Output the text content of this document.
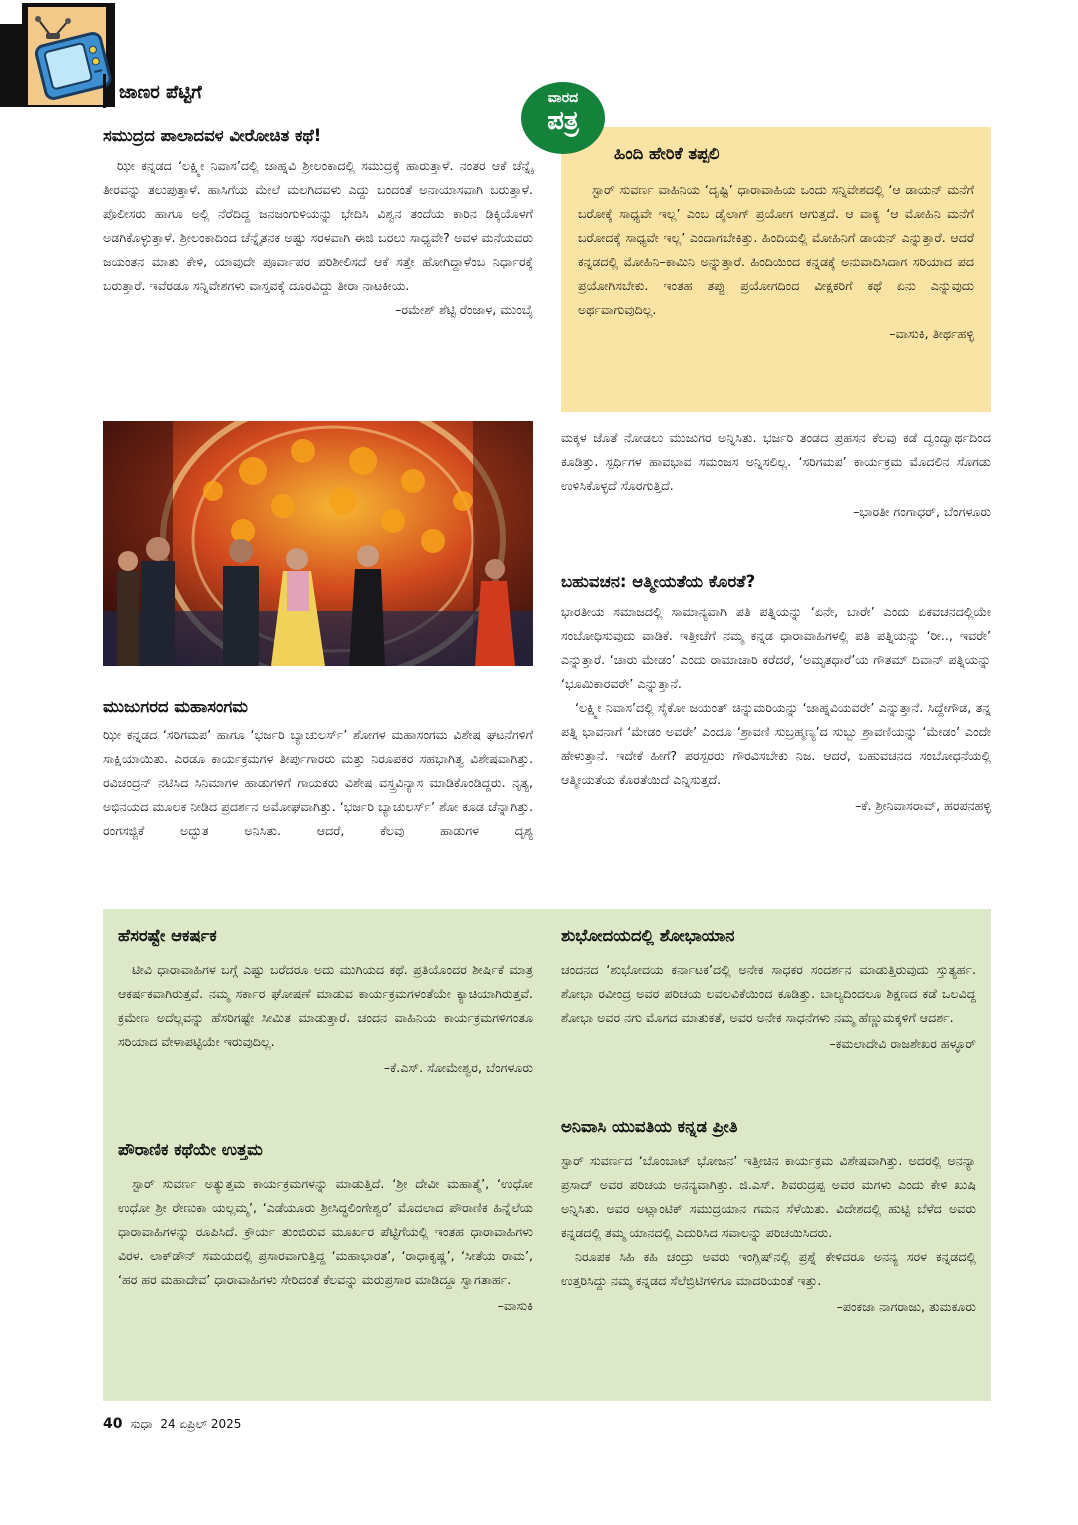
ಜಾಣರ ಪೆಟ್ಟಿಗೆ
ಸಮುದ್ರದ ಪಾಲಾದವಳ ವೀರೋಚಿತ ಕಥೆ!

ಝೀ ಕನ್ನಡದ ‘ಲಕ್ಷ್ಮೀ ನಿವಾಸ’ದಲ್ಲಿ ಜಾಹ್ನವಿ ಶ್ರೀಲಂಕಾದಲ್ಲಿ ಸಮುದ್ರಕ್ಕೆ ಹಾರುತ್ತಾಳೆ. ನಂತರ ಆಕೆ ಚೆನ್ನೈ ತೀರವನ್ನು ತಲುಪುತ್ತಾಳೆ. ಹಾಸಿಗೆಯ ಮೇಲೆ ಮಲಗಿದವಳು ಎದ್ದು ಬಂದಂತೆ ಅನಾಯಾಸವಾಗಿ ಬರುತ್ತಾಳೆ. ಪೊಲೀಸರು ಹಾಗೂ ಅಲ್ಲಿ ನೆರೆದಿದ್ದ ಜನಜಂಗುಳಿಯನ್ನು ಭೇದಿಸಿ ವಿಶ್ವನ ತಂದೆಯ ಕಾರಿನ ಡಿಕ್ಕಿಯೊಳಗೆ ಅಡಗಿಕೊಳ್ಳುತ್ತಾಳೆ. ಶ್ರೀಲಂಕಾದಿಂದ ಚೆನ್ನೈತನಕ ಅಷ್ಟು ಸರಳವಾಗಿ ಈಜಿ ಬರಲು ಸಾಧ್ಯವೇ? ಅವಳ ಮನೆಯವರು ಜಯಂತನ ಮಾತು ಕೇಳಿ, ಯಾವುದೇ ಪೂರ್ವಾಪರ ಪರಿಶೀಲಿಸದೆ ಆಕೆ ಸತ್ತೇ ಹೋಗಿದ್ದಾಳೆಂಬ ನಿರ್ಧಾರಕ್ಕೆ ಬರುತ್ತಾರೆ. ಇವೆರಡೂ ಸನ್ನಿವೇಶಗಳು ವಾಸ್ತವಕ್ಕೆ ದೂರವಿದ್ದು ತೀರಾ ನಾಟಕೀಯ.

–ರಮೇಶ್ ಶೆಟ್ಟಿ ರೆಂಜಾಳ, ಮುಂಬೈ

ಹಿಂದಿ ಹೇರಿಕೆ ತಪ್ಪಲಿ

ಸ್ಟಾರ್ ಸುವರ್ಣ ವಾಹಿನಿಯ ‘ದೃಷ್ಟಿ’ ಧಾರಾವಾಹಿಯ ಒಂದು ಸನ್ನಿವೇಶದಲ್ಲಿ ‘ಆ ಡಾಯನ್ ಮನೆಗೆ ಬರೋಕ್ಕೆ ಸಾಧ್ಯವೇ ಇಲ್ಲ’ ಎಂಬ ಡೈಲಾಗ್ ಪ್ರಯೋಗ ಆಗುತ್ತದೆ. ಆ ವಾಕ್ಯ ‘ಆ ಮೋಹಿನಿ ಮನೆಗೆ ಬರೋದಕ್ಕೆ ಸಾಧ್ಯವೇ ಇಲ್ಲ’ ಎಂದಾಗಬೇಕಿತ್ತು. ಹಿಂದಿಯಲ್ಲಿ ಮೋಹಿನಿಗೆ ಡಾಯನ್ ಎನ್ನುತ್ತಾರೆ. ಆದರೆ ಕನ್ನಡದಲ್ಲಿ ಮೋಹಿನಿ–ಕಾಮಿನಿ ಅನ್ನುತ್ತಾರೆ. ಹಿಂದಿಯಿಂದ ಕನ್ನಡಕ್ಕೆ ಅನುವಾದಿಸಿದಾಗ ಸರಿಯಾದ ಪದ ಪ್ರಯೋಗಿಸಬೇಕು. ಇಂತಹ ತಪ್ಪು ಪ್ರಯೋಗದಿಂದ ವೀಕ್ಷಕರಿಗೆ ಕಥೆ ಏನು ಎನ್ನುವುದು ಅರ್ಥವಾಗುವುದಿಲ್ಲ.

–ವಾಸುಕಿ, ತೀರ್ಥಹಳ್ಳಿ

ವಾರದ
ಪತ್ರ
ಮುಜುಗರದ ಮಹಾಸಂಗಮ

ಝೀ ಕನ್ನಡದ ‘ಸರಿಗಮಪ’ ಹಾಗೂ ‘ಭರ್ಜರಿ ಬ್ಯಾಚುಲರ್ಸ್’ ಶೋಗಳ ಮಹಾಸಂಗಮ ವಿಶೇಷ ಘಟನೆಗಳಿಗೆ ಸಾಕ್ಷಿಯಾಯಿತು. ಎರಡೂ ಕಾರ್ಯಕ್ರಮಗಳ ತೀರ್ಪುಗಾರರು ಮತ್ತು ನಿರೂಪಕರ ಸಹಭಾಗಿತ್ವ ವಿಶೇಷವಾಗಿತ್ತು. ರವಿಚಂದ್ರನ್ ನಟಿಸಿದ ಸಿನಿಮಾಗಳ ಹಾಡುಗಳಿಗೆ ಗಾಯಕರು ವಿಶೇಷ ವಸ್ತ್ರವಿನ್ಯಾಸ ಮಾಡಿಕೊಂಡಿದ್ದರು. ನೃತ್ಯ, ಅಭಿನಯದ ಮೂಲಕ ನೀಡಿದ ಪ್ರದರ್ಶನ ಅಮೋಘವಾಗಿತ್ತು. ‘ಭರ್ಜರಿ ಬ್ಯಾಚುಲರ್ಸ್’ ಶೋ ಕೂಡ ಚೆನ್ನಾಗಿತ್ತು. ರಂಗಸಜ್ಜಿಕೆ ಅದ್ಭುತ ಅನಿಸಿತು. ಆದರೆ, ಕೆಲವು ಹಾಡುಗಳ ದೃಶ್ಯ

ಮಕ್ಕಳ ಜೊತೆ ನೋಡಲು ಮುಜುಗರ ಅನ್ನಿಸಿತು. ಭರ್ಜರಿ ತಂಡದ ಪ್ರಹಸನ ಕೆಲವು ಕಡೆ ದ್ವಂದ್ವಾರ್ಥದಿಂದ ಕೂಡಿತ್ತು. ಸ್ಪರ್ಧಿಗಳ ಹಾವಭಾವ ಸಮಂಜಸ ಅನ್ನಿಸಲಿಲ್ಲ. ‘ಸರಿಗಮಪ’ ಕಾರ್ಯಕ್ರಮ ಮೊದಲಿನ ಸೊಗಡು ಉಳಿಸಿಕೊಳ್ಳದೆ ಸೊರಗುತ್ತಿದೆ.

–ಭಾರತೀ ಗಂಗಾಧರ್, ಬೆಂಗಳೂರು

ಬಹುವಚನ: ಆತ್ಮೀಯತೆಯ ಕೊರತೆ?

ಭಾರತೀಯ ಸಮಾಜದಲ್ಲಿ ಸಾಮಾನ್ಯವಾಗಿ ಪತಿ ಪತ್ನಿಯನ್ನು ‘ಏನೇ, ಬಾರೇ’ ಎಂದು ಏಕವಚನದಲ್ಲಿಯೇ ಸಂಬೋಧಿಸುವುದು ವಾಡಿಕೆ. ಇತ್ತೀಚೆಗೆ ನಮ್ಮ ಕನ್ನಡ ಧಾರಾವಾಹಿಗಳಲ್ಲಿ ಪತಿ ಪತ್ನಿಯನ್ನು ‘ರೀ.., ಇವರೇ’ ಎನ್ನುತ್ತಾರೆ. ‘ಚಾರು ಮೇಡಂ’ ಎಂದು ರಾಮಾಚಾರಿ ಕರೆದರೆ, ‘ಅಮೃತಧಾರೆ’ಯ ಗೌತಮ್ ದಿವಾನ್ ಪತ್ನಿಯನ್ನು ‘ಭೂಮಿಕಾರವರೇ’ ಎನ್ನುತ್ತಾನೆ.

‘ಲಕ್ಷ್ಮೀ ನಿವಾಸ’ದಲ್ಲಿ ಸೈಕೋ ಜಯಂತ್ ಚಿನ್ನುಮರಿಯನ್ನು ‘ಜಾಹ್ನವಿಯವರೇ’ ಎನ್ನುತ್ತಾನೆ. ಸಿದ್ದೇಗೌಡ, ತನ್ನ ಪತ್ನಿ ಭಾವನಾಗೆ ‘ಮೇಡಂ ಅವರೇ’ ಎಂದೂ ‘ಶ್ರಾವಣಿ ಸುಬ್ರಹ್ಮಣ್ಯ’ದ ಸುಬ್ಬು ಶ್ರಾವಣಿಯನ್ನು ‘ಮೇಡಂ’ ಎಂದೇ ಹೇಳುತ್ತಾನೆ. ಇದೇಕೆ ಹೀಗೆ? ಪರಸ್ಪರರು ಗೌರವಿಸಬೇಕು ನಿಜ. ಆದರೆ, ಬಹುವಚನದ ಸಂಬೋಧನೆಯಲ್ಲಿ ಆತ್ಮೀಯತೆಯ ಕೊರತೆಯಿದೆ ಎನ್ನಿಸುತ್ತದೆ.

–ಕೆ. ಶ್ರೀನಿವಾಸರಾವ್, ಹರಪನಹಳ್ಳಿ

ಹೆಸರಷ್ಟೇ ಆಕರ್ಷಕ

ಟೀವಿ ಧಾರಾವಾಹಿಗಳ ಬಗ್ಗೆ ಎಷ್ಟು ಬರೆದರೂ ಅದು ಮುಗಿಯದ ಕಥೆ. ಪ್ರತಿಯೊಂದರ ಶೀರ್ಷಿಕೆ ಮಾತ್ರ ಆಕರ್ಷಕವಾಗಿರುತ್ತವೆ. ನಮ್ಮ ಸರ್ಕಾರ ಘೋಷಣೆ ಮಾಡುವ ಕಾರ್ಯಕ್ರಮಗಳಂತೆಯೇ ಕ್ಯಾಚಿಯಾಗಿರುತ್ತವೆ. ಕ್ರಮೇಣ ಅದೆಲ್ಲವನ್ನು ಹೆಸರಿಗಷ್ಟೇ ಸೀಮಿತ ಮಾಡುತ್ತಾರೆ. ಚಂದನ ವಾಹಿನಿಯ ಕಾರ್ಯಕ್ರಮಗಳಿಗಂತೂ ಸರಿಯಾದ ವೇಳಾಪಟ್ಟಿಯೇ ಇರುವುದಿಲ್ಲ.

–ಕೆ.ಎಸ್. ಸೋಮೇಶ್ವರ, ಬೆಂಗಳೂರು

ಪೌರಾಣಿಕ ಕಥೆಯೇ ಉತ್ತಮ

ಸ್ಟಾರ್ ಸುವರ್ಣ ಅತ್ಯುತ್ತಮ ಕಾರ್ಯಕ್ರಮಗಳನ್ನು ಮಾಡುತ್ತಿದೆ. ‘ಶ್ರೀ ದೇವೀ ಮಹಾತ್ಮೆ’, ‘ಉಧೋ ಉಧೋ ಶ್ರೀ ರೇಣುಕಾ ಯಲ್ಲಮ್ಮ’, ‘ಎಡೆಯೂರು ಶ್ರೀಸಿದ್ಧಲಿಂಗೇಶ್ವರ’ ಮೊದಲಾದ ಪೌರಾಣಿಕ ಹಿನ್ನೆಲೆಯ ಧಾರಾವಾಹಿಗಳನ್ನು ರೂಪಿಸಿದೆ. ಕ್ರೌರ್ಯ ತುಂಬಿರುವ ಮೂರ್ಖರ ಪೆಟ್ಟಿಗೆಯಲ್ಲಿ ಇಂತಹ ಧಾರಾವಾಹಿಗಳು ವಿರಳ. ಲಾಕ್‌ಡೌನ್ ಸಮಯದಲ್ಲಿ ಪ್ರಸಾರವಾಗುತ್ತಿದ್ದ ‘ಮಹಾಭಾರತ’, ‘ರಾಧಾಕೃಷ್ಣ’, ‘ಸೀತೆಯ ರಾಮ’, ‘ಹರ ಹರ ಮಹಾದೇವ’ ಧಾರಾವಾಹಿಗಳು ಸೇರಿದಂತೆ ಕೆಲವನ್ನು ಮರುಪ್ರಸಾರ ಮಾಡಿದ್ದೂ ಸ್ವಾಗತಾರ್ಹ.

–ವಾಸುಕಿ

ಶುಭೋದಯದಲ್ಲಿ ಶೋಭಾಯಾನ

ಚಂದನದ ‘ಶುಭೋದಯ ಕರ್ನಾಟಕ’ದಲ್ಲಿ ಅನೇಕ ಸಾಧಕರ ಸಂದರ್ಶನ ಮಾಡುತ್ತಿರುವುದು ಸ್ತುತ್ಯರ್ಹ. ಶೋಭಾ ರವೀಂದ್ರ ಅವರ ಪರಿಚಯ ಲವಲವಿಕೆಯಿಂದ ಕೂಡಿತ್ತು. ಬಾಲ್ಯದಿಂದಲೂ ಶಿಕ್ಷಣದ ಕಡೆ ಒಲವಿದ್ದ ಶೋಭಾ ಅವರ ನಗು ಮೊಗದ ಮಾತುಕತೆ, ಅವರ ಅನೇಕ ಸಾಧನೆಗಳು ನಮ್ಮ ಹೆಣ್ಣುಮಕ್ಕಳಿಗೆ ಆದರ್ಶ.

–ಕಮಲಾದೇವಿ ರಾಜಶೇಖರ ಹಳ್ಳೂರ್

ಅನಿವಾಸಿ ಯುವತಿಯ ಕನ್ನಡ ಪ್ರೀತಿ

ಸ್ಟಾರ್ ಸುವರ್ಣದ ‘ಬೊಂಬಾಟ್ ಭೋಜನ’ ಇತ್ತೀಚಿನ ಕಾರ್ಯಕ್ರಮ ವಿಶೇಷವಾಗಿತ್ತು. ಅದರಲ್ಲಿ ಅನನ್ಯಾ ಪ್ರಸಾದ್ ಅವರ ಪರಿಚಯ ಅನನ್ಯವಾಗಿತ್ತು. ಜಿ.ಎಸ್. ಶಿವರುದ್ರಪ್ಪ ಅವರ ಮಗಳು ಎಂದು ಕೇಳಿ ಖುಷಿ ಅನ್ನಿಸಿತು. ಅವರ ಅಟ್ಲಾಂಟಿಕ್ ಸಮುದ್ರಯಾನ ಗಮನ ಸೆಳೆಯಿತು. ವಿದೇಶದಲ್ಲಿ ಹುಟ್ಟಿ ಬೆಳೆದ ಅವರು ಕನ್ನಡದಲ್ಲಿ ತಮ್ಮ ಯಾನದಲ್ಲಿ ಎದುರಿಸಿದ ಸವಾಲನ್ನು ಪರಿಚಯಿಸಿದರು.

ನಿರೂಪಕ ಸಿಹಿ ಕಹಿ ಚಂದ್ರು ಅವರು ಇಂಗ್ಲಿಷ್‌ನಲ್ಲಿ ಪ್ರಶ್ನೆ ಕೇಳಿದರೂ ಅನನ್ಯ ಸರಳ ಕನ್ನಡದಲ್ಲಿ ಉತ್ತರಿಸಿದ್ದು ನಮ್ಮ ಕನ್ನಡದ ಸೆಲೆಬ್ರಿಟಿಗಳಿಗೂ ಮಾದರಿಯಂತೆ ಇತ್ತು.

–ಪಂಕಜಾ ನಾಗರಾಜು, ತುಮಕೂರು

40 ಸುಧಾ 24 ಏಪ್ರಿಲ್ 2025
